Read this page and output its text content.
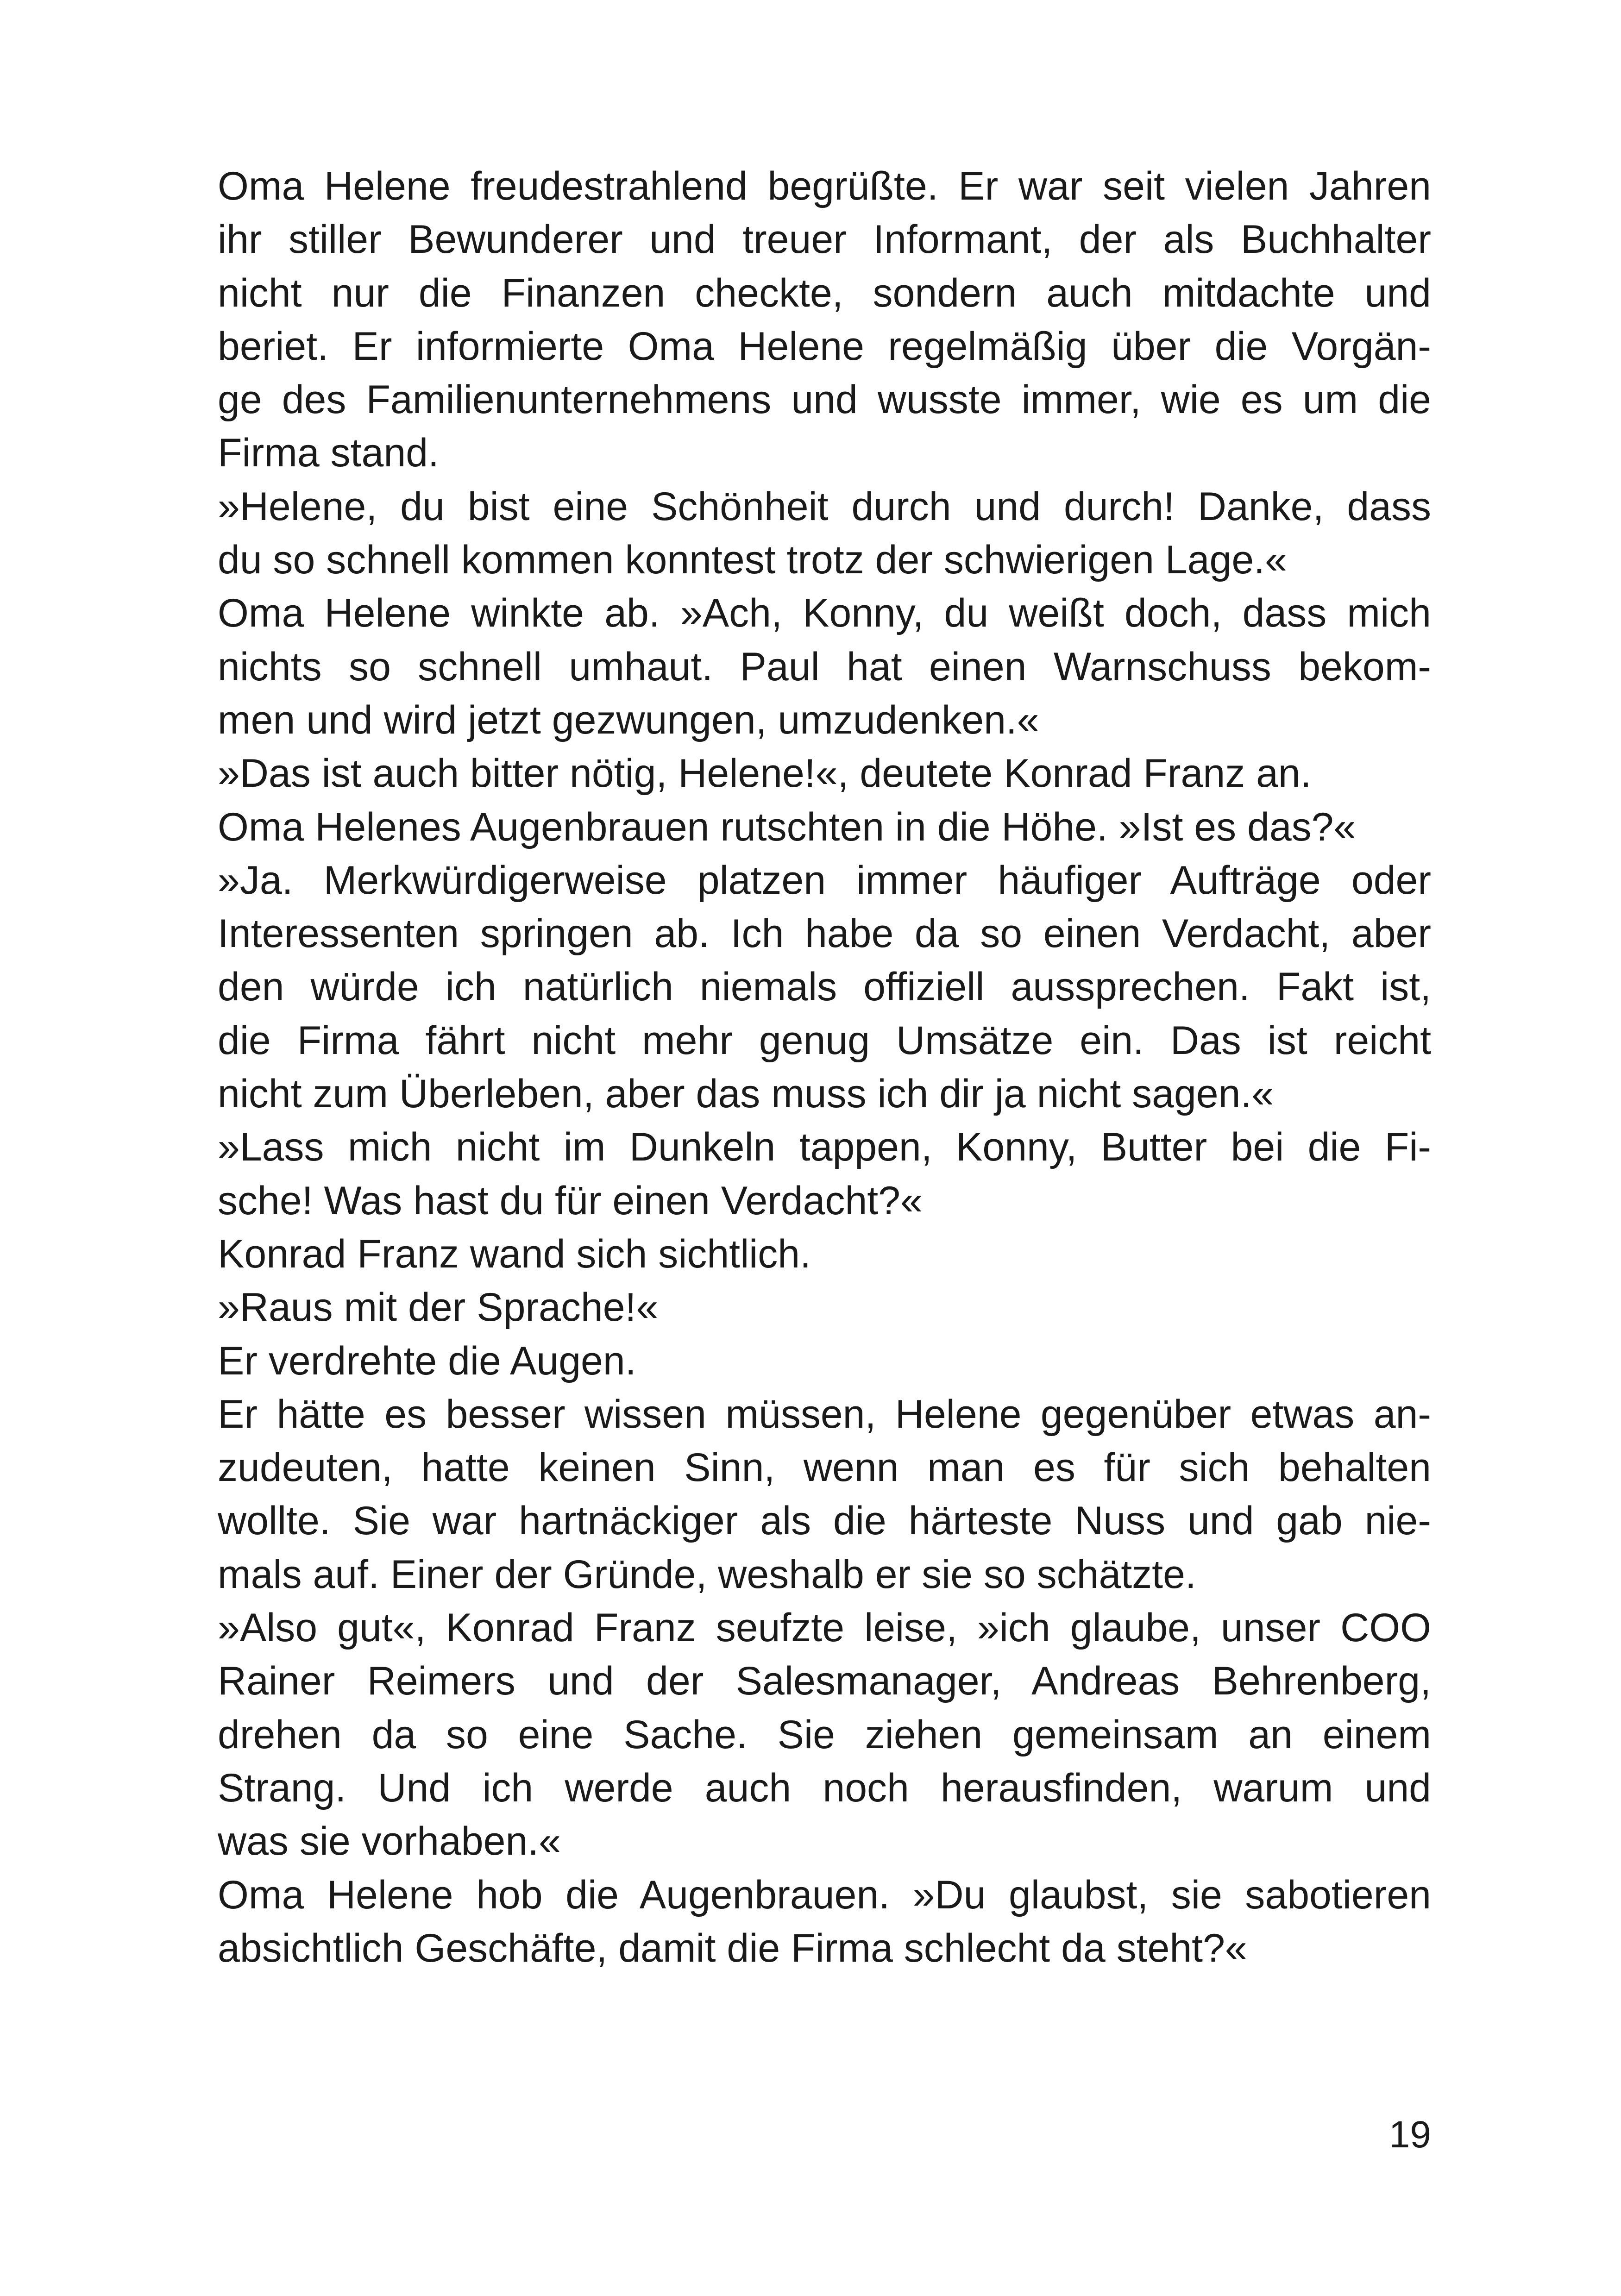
Oma Helene freudestrahlend begrüßte. Er war seit vielen Jahren
ihr stiller Bewunderer und treuer Informant, der als Buchhalter
nicht nur die Finanzen checkte, sondern auch mitdachte und
beriet. Er informierte Oma Helene regelmäßig über die Vorgän-
ge des Familienunternehmens und wusste immer, wie es um die
Firma stand.
»Helene, du bist eine Schönheit durch und durch! Danke, dass
du so schnell kommen konntest trotz der schwierigen Lage.«
Oma Helene winkte ab. »Ach, Konny, du weißt doch, dass mich
nichts so schnell umhaut. Paul hat einen Warnschuss bekom-
men und wird jetzt gezwungen, umzudenken.«
»Das ist auch bitter nötig, Helene!«, deutete Konrad Franz an.
Oma Helenes Augenbrauen rutschten in die Höhe. »Ist es das?«
»Ja. Merkwürdigerweise platzen immer häufiger Aufträge oder
Interessenten springen ab. Ich habe da so einen Verdacht, aber
den würde ich natürlich niemals offiziell aussprechen. Fakt ist,
die Firma fährt nicht mehr genug Umsätze ein. Das ist reicht
nicht zum Überleben, aber das muss ich dir ja nicht sagen.«
»Lass mich nicht im Dunkeln tappen, Konny, Butter bei die Fi-
sche! Was hast du für einen Verdacht?«
Konrad Franz wand sich sichtlich.
»Raus mit der Sprache!«
Er verdrehte die Augen.
Er hätte es besser wissen müssen, Helene gegenüber etwas an-
zudeuten, hatte keinen Sinn, wenn man es für sich behalten
wollte. Sie war hartnäckiger als die härteste Nuss und gab nie-
mals auf. Einer der Gründe, weshalb er sie so schätzte.
»Also gut«, Konrad Franz seufzte leise, »ich glaube, unser COO
Rainer Reimers und der Salesmanager, Andreas Behrenberg,
drehen da so eine Sache. Sie ziehen gemeinsam an einem
Strang. Und ich werde auch noch herausfinden, warum und
was sie vorhaben.«
Oma Helene hob die Augenbrauen. »Du glaubst, sie sabotieren
absichtlich Geschäfte, damit die Firma schlecht da steht?«
19
